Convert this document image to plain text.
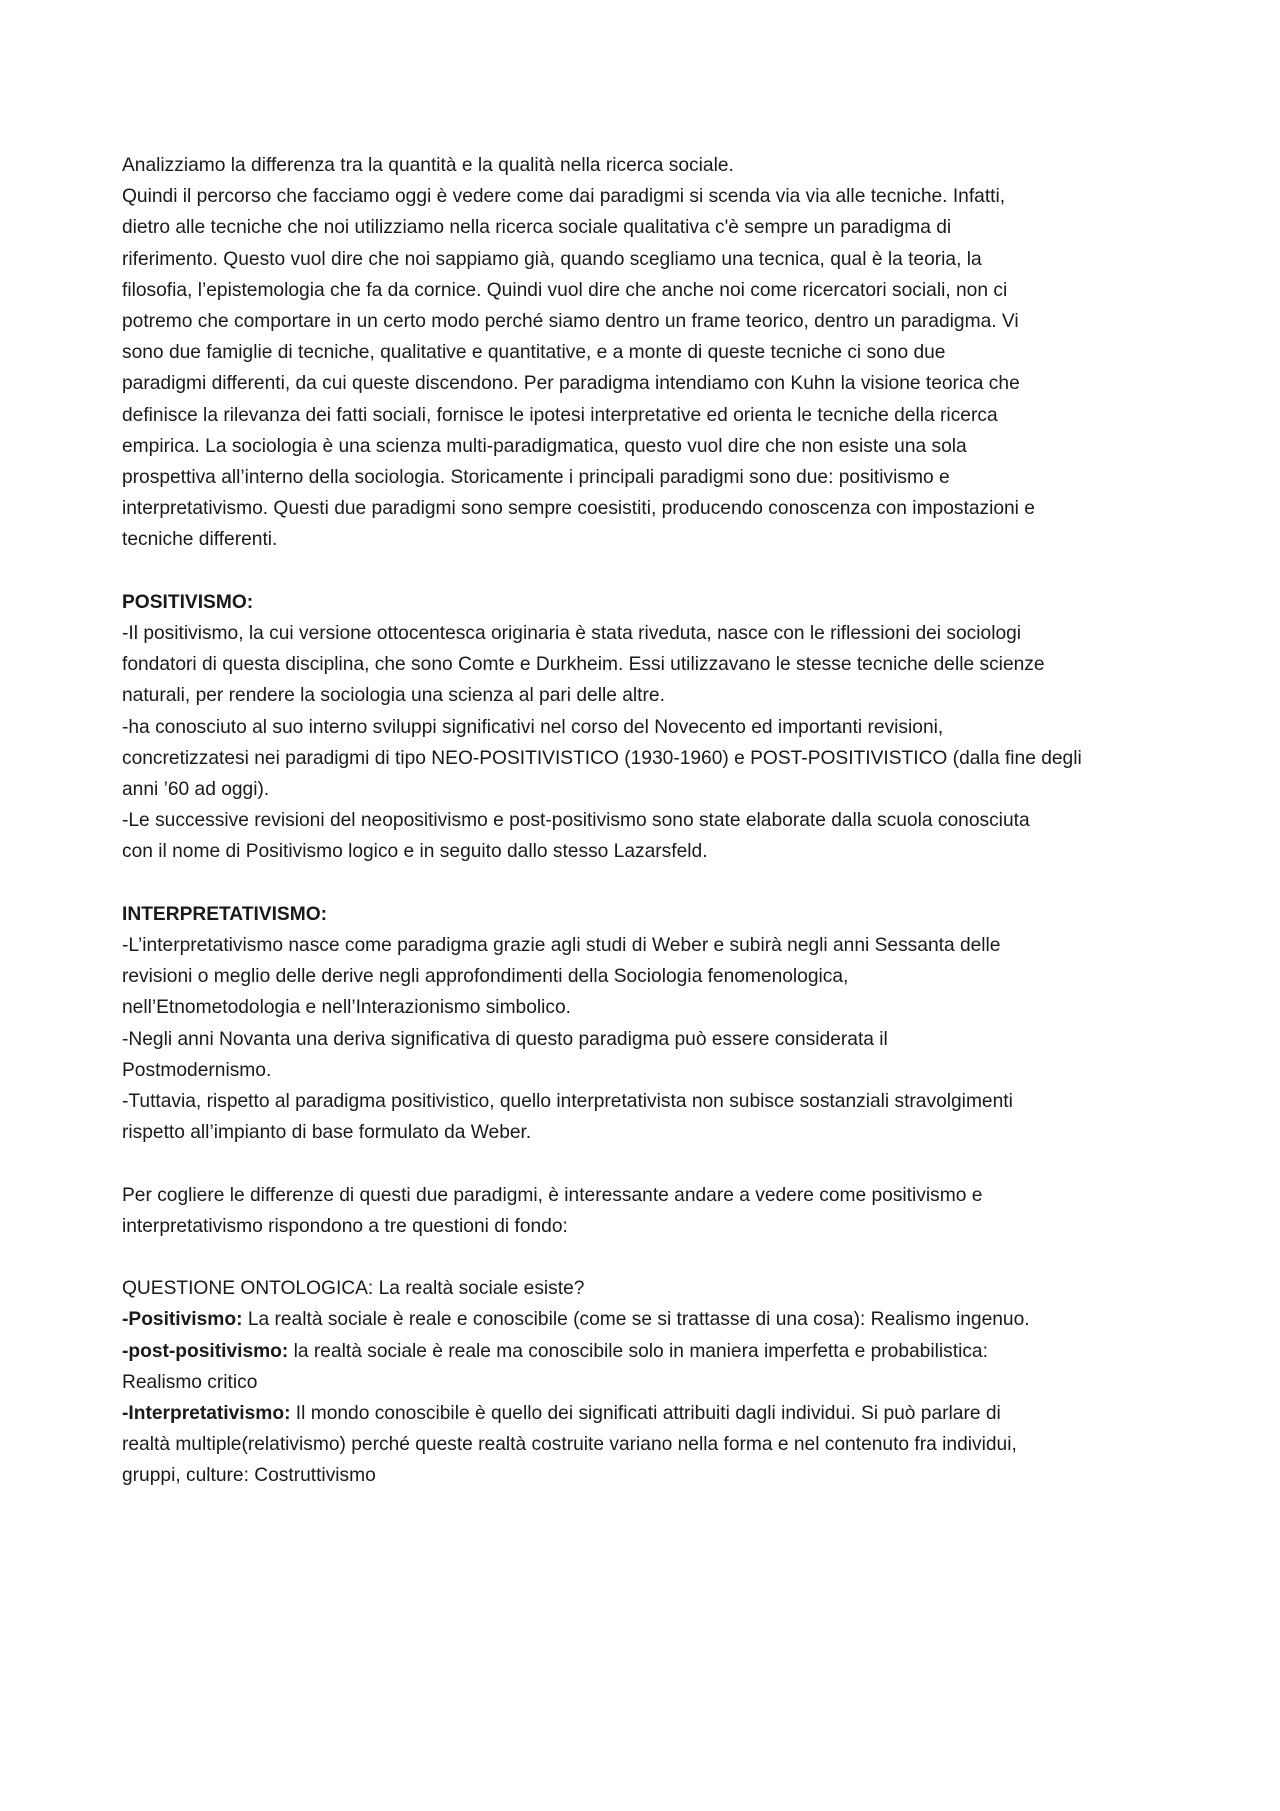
Analizziamo la differenza tra la quantità e la qualità nella ricerca sociale.
Quindi il percorso che facciamo oggi è vedere come dai paradigmi si scenda via via alle tecniche. Infatti,
dietro alle tecniche che noi utilizziamo nella ricerca sociale qualitativa c'è sempre un paradigma di
riferimento. Questo vuol dire che noi sappiamo già, quando scegliamo una tecnica, qual è la teoria, la
filosofia, l’epistemologia che fa da cornice. Quindi vuol dire che anche noi come ricercatori sociali, non ci
potremo che comportare in un certo modo perché siamo dentro un frame teorico, dentro un paradigma. Vi
sono due famiglie di tecniche, qualitative e quantitative, e a monte di queste tecniche ci sono due
paradigmi differenti, da cui queste discendono. Per paradigma intendiamo con Kuhn la visione teorica che
definisce la rilevanza dei fatti sociali, fornisce le ipotesi interpretative ed orienta le tecniche della ricerca
empirica. La sociologia è una scienza multi-paradigmatica, questo vuol dire che non esiste una sola
prospettiva all’interno della sociologia. Storicamente i principali paradigmi sono due: positivismo e
interpretativismo. Questi due paradigmi sono sempre coesistiti, producendo conoscenza con impostazioni e
tecniche differenti.
POSITIVISMO:
-Il positivismo, la cui versione ottocentesca originaria è stata riveduta, nasce con le riflessioni dei sociologi
fondatori di questa disciplina, che sono Comte e Durkheim. Essi utilizzavano le stesse tecniche delle scienze
naturali, per rendere la sociologia una scienza al pari delle altre.
-ha conosciuto al suo interno sviluppi significativi nel corso del Novecento ed importanti revisioni,
concretizzatesi nei paradigmi di tipo NEO-POSITIVISTICO (1930-1960) e POST-POSITIVISTICO (dalla fine degli
anni ’60 ad oggi).
-Le successive revisioni del neopositivismo e post-positivismo sono state elaborate dalla scuola conosciuta
con il nome di Positivismo logico e in seguito dallo stesso Lazarsfeld.
INTERPRETATIVISMO:
-L’interpretativismo nasce come paradigma grazie agli studi di Weber e subirà negli anni Sessanta delle
revisioni o meglio delle derive negli approfondimenti della Sociologia fenomenologica,
nell’Etnometodologia e nell’Interazionismo simbolico.
-Negli anni Novanta una deriva significativa di questo paradigma può essere considerata il
Postmodernismo.
-Tuttavia, rispetto al paradigma positivistico, quello interpretativista non subisce sostanziali stravolgimenti
rispetto all’impianto di base formulato da Weber.
Per cogliere le differenze di questi due paradigmi, è interessante andare a vedere come positivismo e
interpretativismo rispondono a tre questioni di fondo:
QUESTIONE ONTOLOGICA: La realtà sociale esiste?
-Positivismo: La realtà sociale è reale e conoscibile (come se si trattasse di una cosa): Realismo ingenuo.
-post-positivismo: la realtà sociale è reale ma conoscibile solo in maniera imperfetta e probabilistica:
Realismo critico
-Interpretativismo: Il mondo conoscibile è quello dei significati attribuiti dagli individui. Si può parlare di
realtà multiple(relativismo) perché queste realtà costruite variano nella forma e nel contenuto fra individui,
gruppi, culture: Costruttivismo
